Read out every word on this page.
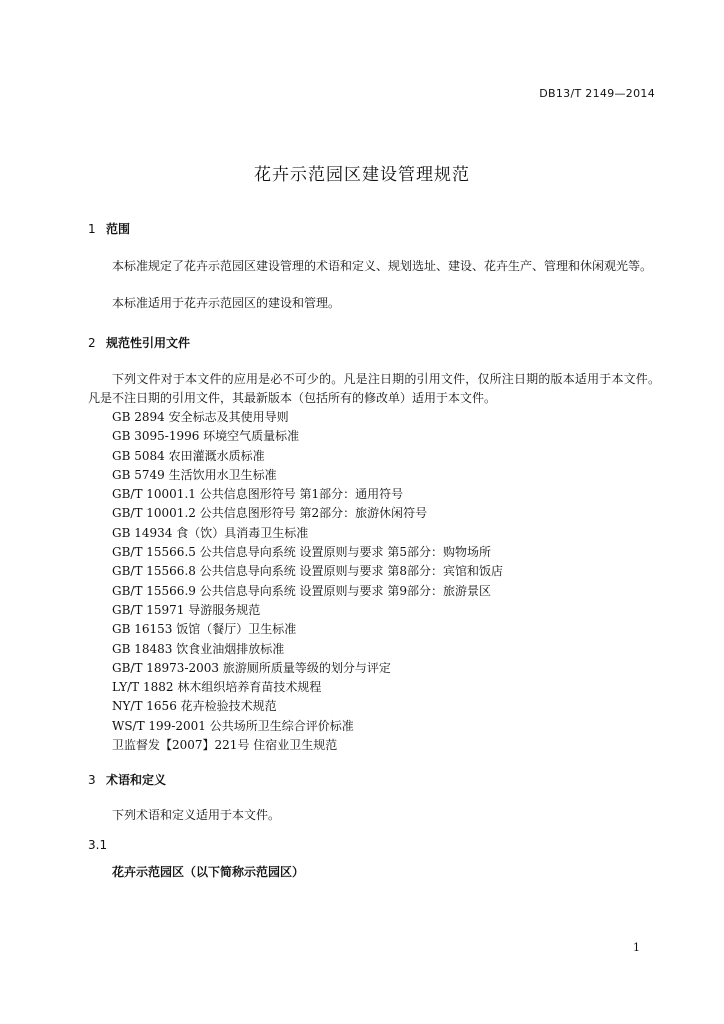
DB13/T 2149—2014
花卉示范园区建设管理规范
1 范围
本标准规定了花卉示范园区建设管理的术语和定义、规划选址、建设、花卉生产、管理和休闲观光等。
本标准适用于花卉示范园区的建设和管理。
2 规范性引用文件
下列文件对于本文件的应用是必不可少的。凡是注日期的引用文件，仅所注日期的版本适用于本文件。凡是不注日期的引用文件，其最新版本（包括所有的修改单）适用于本文件。
GB 2894 安全标志及其使用导则
GB 3095-1996 环境空气质量标准
GB 5084 农田灌溉水质标准
GB 5749 生活饮用水卫生标准
GB/T 10001.1 公共信息图形符号 第1部分：通用符号
GB/T 10001.2 公共信息图形符号 第2部分：旅游休闲符号
GB 14934 食（饮）具消毒卫生标准
GB/T 15566.5 公共信息导向系统 设置原则与要求 第5部分：购物场所
GB/T 15566.8 公共信息导向系统 设置原则与要求 第8部分：宾馆和饭店
GB/T 15566.9 公共信息导向系统 设置原则与要求 第9部分：旅游景区
GB/T 15971 导游服务规范
GB 16153 饭馆（餐厅）卫生标准
GB 18483 饮食业油烟排放标准
GB/T 18973-2003 旅游厕所质量等级的划分与评定
LY/T 1882 林木组织培养育苗技术规程
NY/T 1656 花卉检验技术规范
WS/T 199-2001 公共场所卫生综合评价标准
卫监督发【2007】221号 住宿业卫生规范
3 术语和定义
下列术语和定义适用于本文件。
3.1
花卉示范园区（以下简称示范园区）
1
